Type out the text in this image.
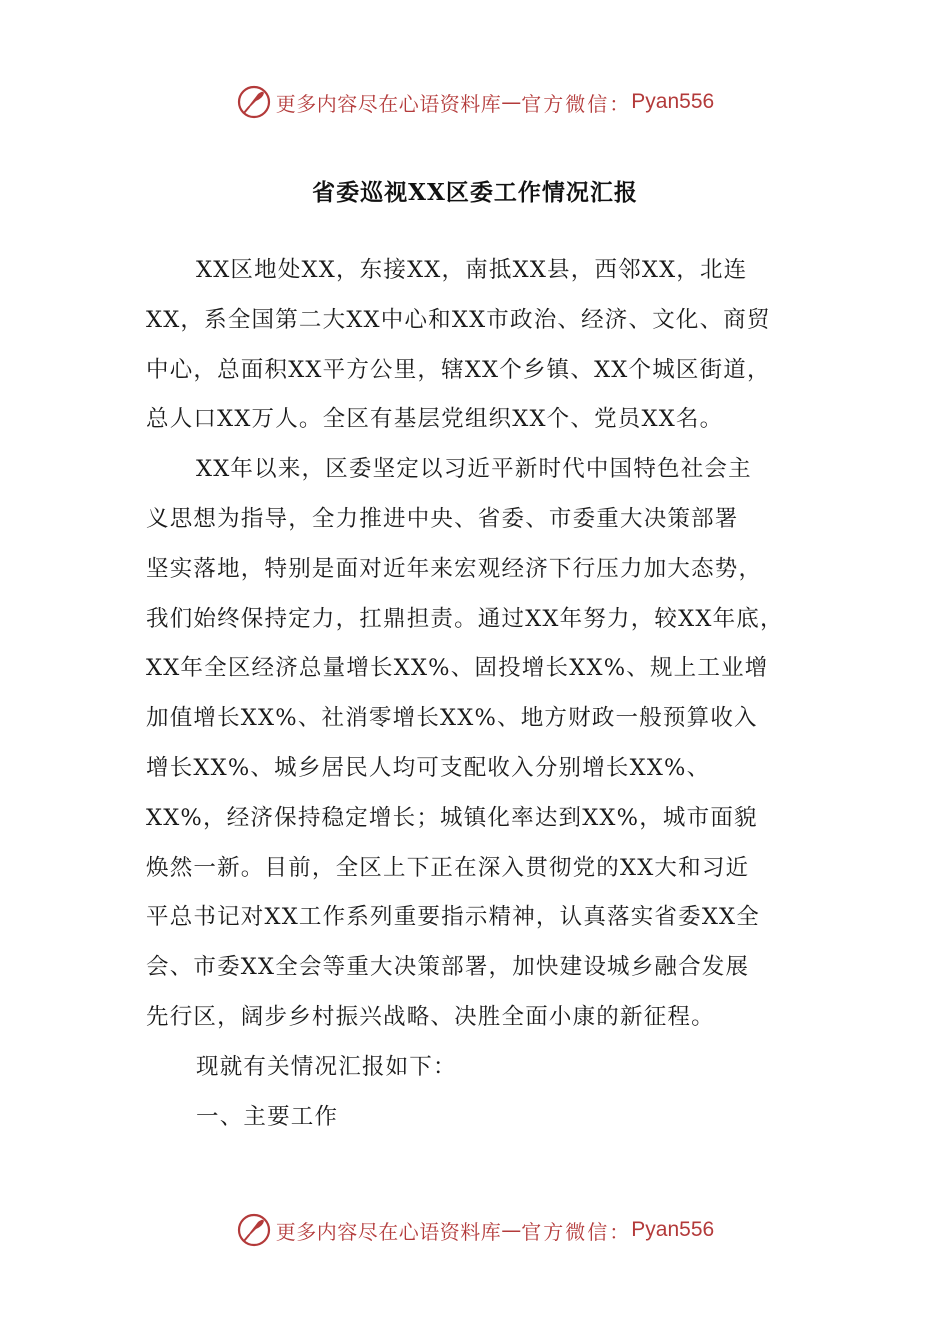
更多内容尽在心语资料库 — 官方微信： Pyan556
省委巡视XX区委工作情况汇报

XX区地处XX，东接XX，南抵XX县，西邻XX，北连
XX，系全国第二大XX中心和XX市政治、经济、文化、商贸
中心，总面积XX平方公里，辖XX个乡镇、XX个城区街道，
总人口XX万人。全区有基层党组织XX个、党员XX名。

XX年以来，区委坚定以习近平新时代中国特色社会主
义思想为指导，全力推进中央、省委、市委重大决策部署
坚实落地，特别是面对近年来宏观经济下行压力加大态势，
我们始终保持定力，扛鼎担责。通过XX年努力，较XX年底，
XX年全区经济总量增长XX%、固投增长XX%、规上工业增
加值增长XX%、社消零增长XX%、地方财政一般预算收入
增长XX%、城乡居民人均可支配收入分别增长XX%、
XX%，经济保持稳定增长；城镇化率达到XX%，城市面貌
焕然一新。目前，全区上下正在深入贯彻党的XX大和习近
平总书记对XX工作系列重要指示精神，认真落实省委XX全
会、市委XX全会等重大决策部署，加快建设城乡融合发展
先行区，阔步乡村振兴战略、决胜全面小康的新征程。

现就有关情况汇报如下：

一、主要工作

更多内容尽在心语资料库 — 官方微信： Pyan556
